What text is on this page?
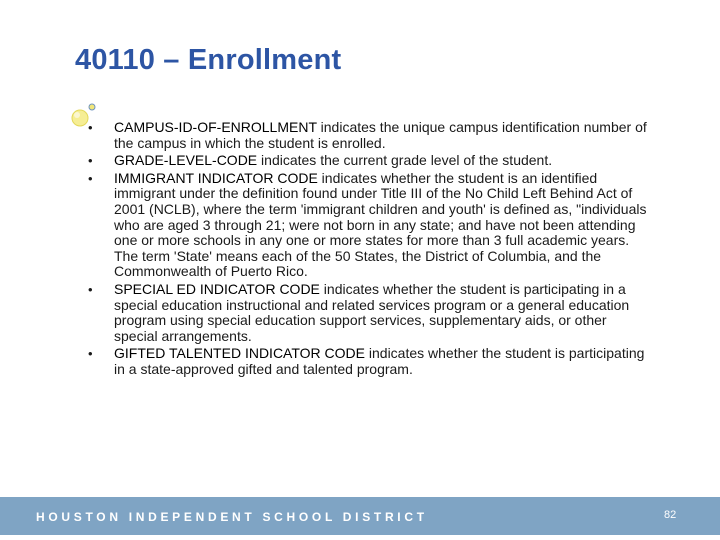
40110 – Enrollment
• CAMPUS-ID-OF-ENROLLMENT indicates the unique campus identification number of the campus in which the student is enrolled.
• GRADE-LEVEL-CODE indicates the current grade level of the student.
• IMMIGRANT INDICATOR CODE indicates whether the student is an identified immigrant under the definition found under Title III of the No Child Left Behind Act of 2001 (NCLB), where the term 'immigrant children and youth' is defined as, "individuals who are aged 3 through 21; were not born in any state; and have not been attending one or more schools in any one or more states for more than 3 full academic years. The term 'State' means each of the 50 States, the District of Columbia, and the Commonwealth of Puerto Rico.
• SPECIAL ED INDICATOR CODE indicates whether the student is participating in a special education instructional and related services program or a general education program using special education support services, supplementary aids, or other special arrangements.
• GIFTED TALENTED INDICATOR CODE indicates whether the student is participating in a state-approved gifted and talented program.
HOUSTON INDEPENDENT SCHOOL DISTRICT	82
